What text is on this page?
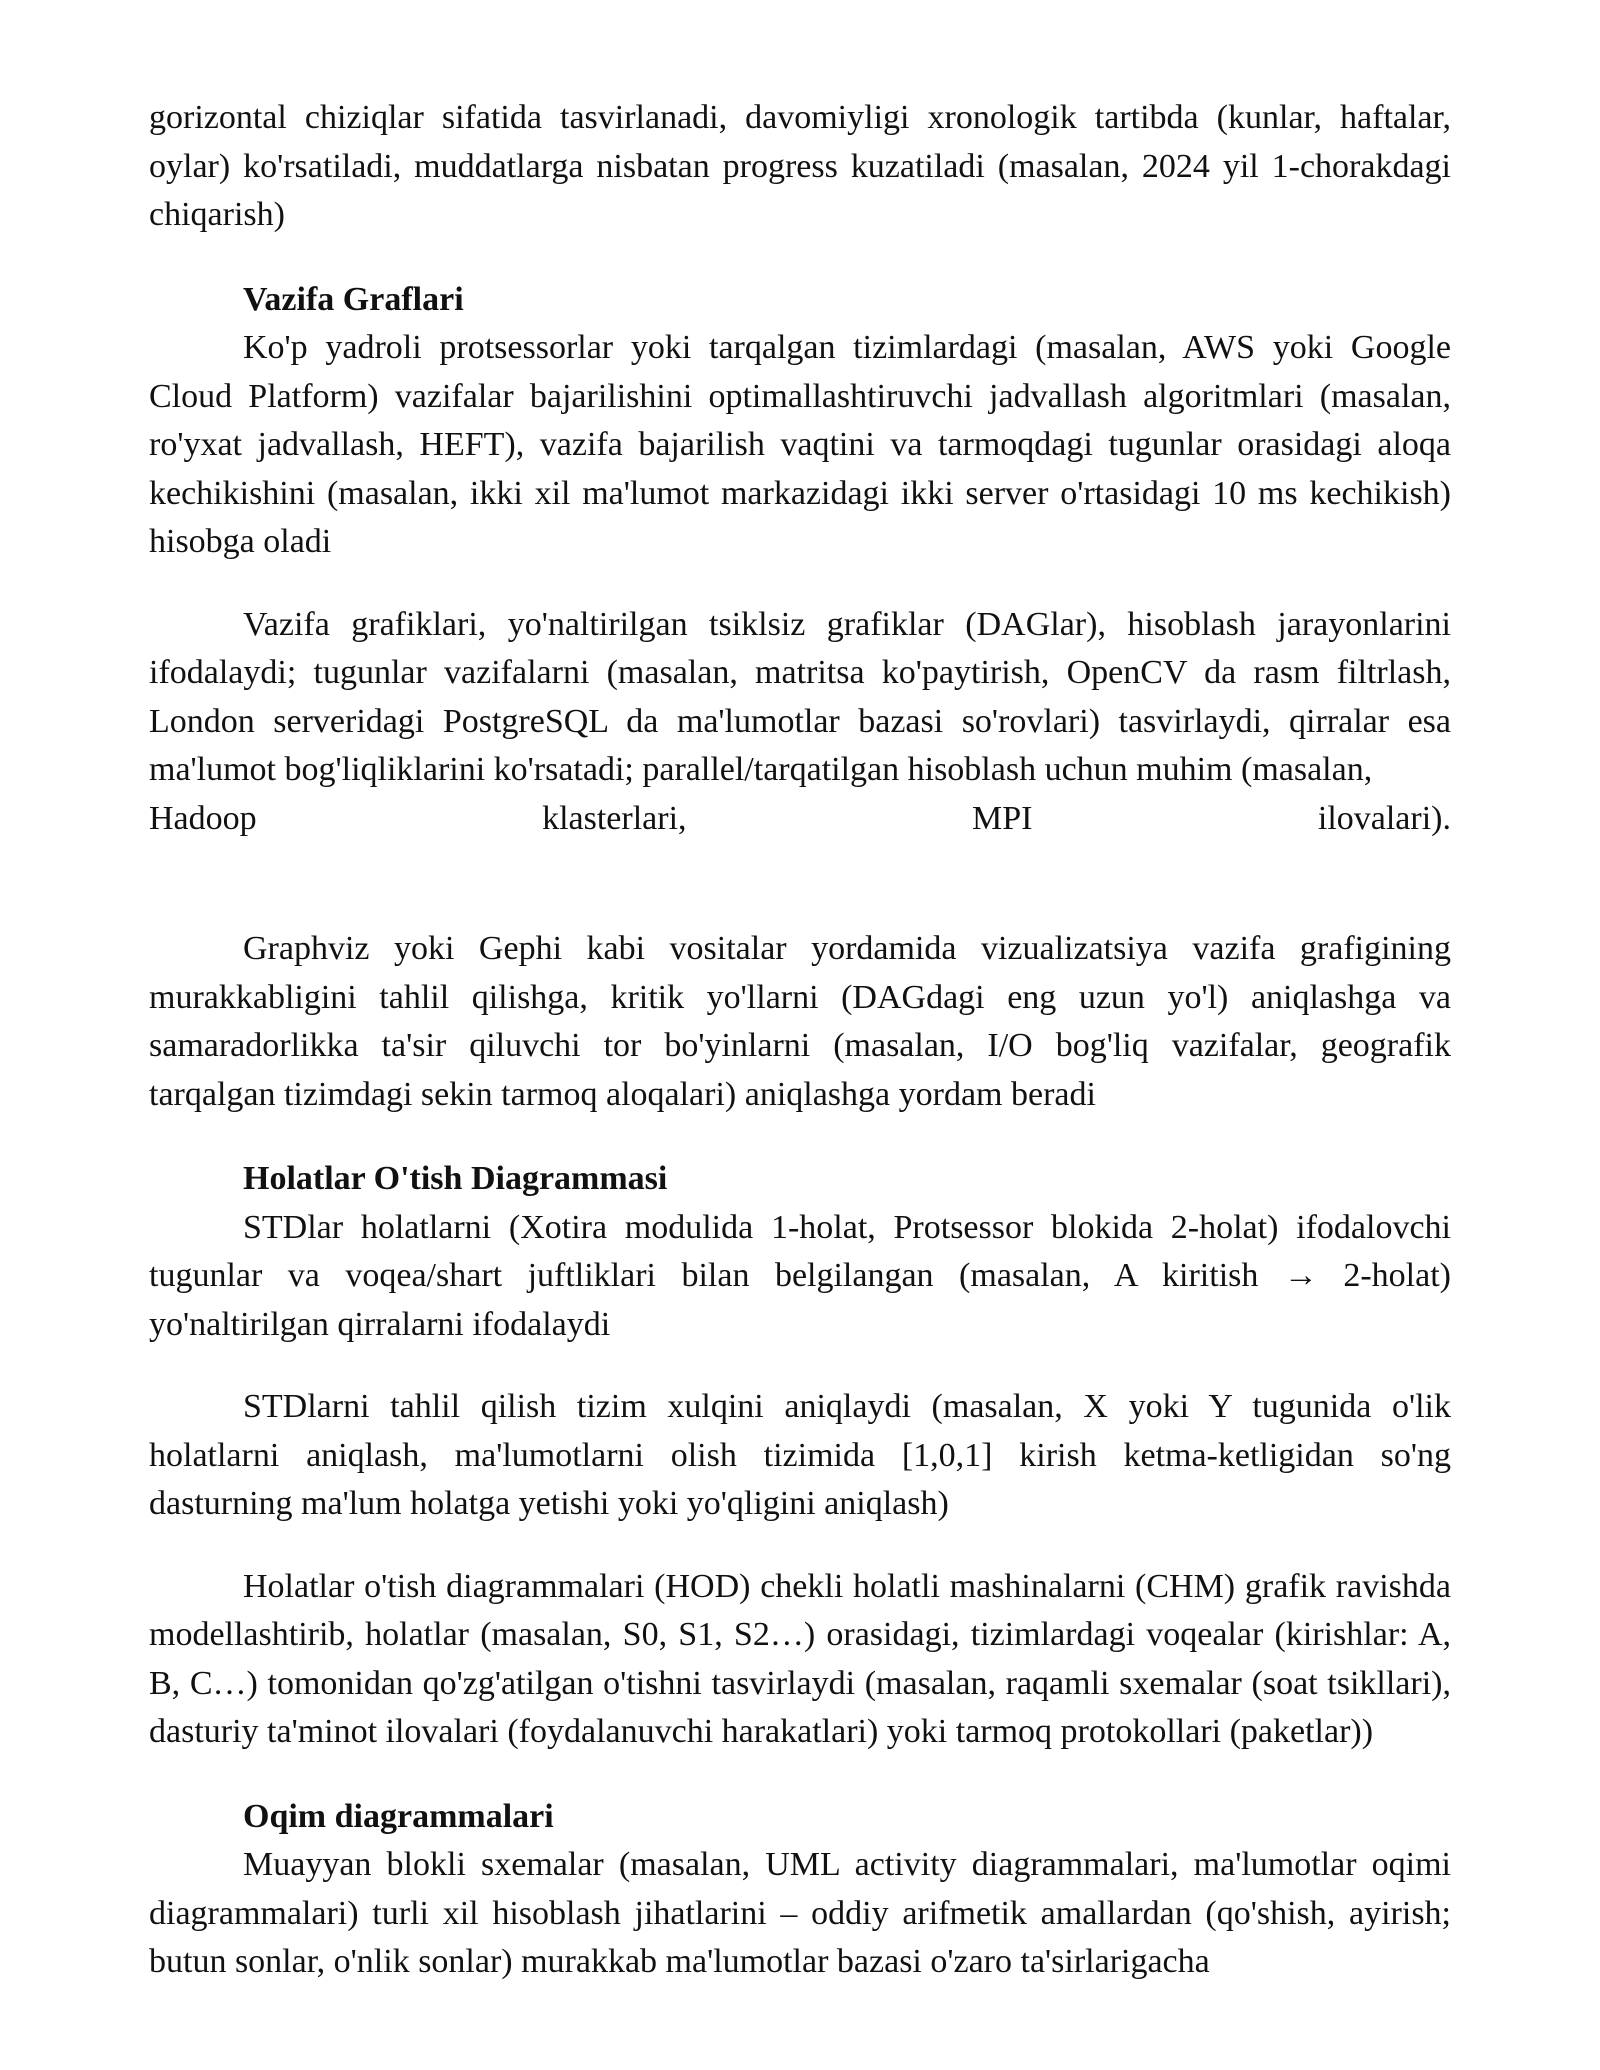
gorizontal chiziqlar sifatida tasvirlanadi, davomiyligi xronologik tartibda (kunlar, haftalar, oylar) ko'rsatiladi, muddatlarga nisbatan progress kuzatiladi (masalan, 2024 yil 1-chorakdagi chiqarish)

Vazifa Graflari

Ko'p yadroli protsessorlar yoki tarqalgan tizimlardagi (masalan, AWS yoki Google Cloud Platform) vazifalar bajarilishini optimallashtiruvchi jadvallash algoritmlari (masalan, ro'yxat jadvallash, HEFT), vazifa bajarilish vaqtini va tarmoqdagi tugunlar orasidagi aloqa kechikishini (masalan, ikki xil ma'lumot markazidagi ikki server o'rtasidagi 10 ms kechikish) hisobga oladi

Vazifa grafiklari, yo'naltirilgan tsiklsiz grafiklar (DAGlar), hisoblash jarayonlarini ifodalaydi; tugunlar vazifalarni (masalan, matritsa ko'paytirish, OpenCV da rasm filtrlash, London serveridagi PostgreSQL da ma'lumotlar bazasi so'rovlari) tasvirlaydi, qirralar esa ma'lumot bog'liqliklarini ko'rsatadi; parallel/tarqatilgan hisoblash uchun muhim (masalan,

Hadoop	klasterlari,	MPI	ilovalari).

Graphviz yoki Gephi kabi vositalar yordamida vizualizatsiya vazifa grafigining murakkabligini tahlil qilishga, kritik yo'llarni (DAGdagi eng uzun yo'l) aniqlashga va samaradorlikka ta'sir qiluvchi tor bo'yinlarni (masalan, I/O bog'liq vazifalar, geografik tarqalgan tizimdagi sekin tarmoq aloqalari) aniqlashga yordam beradi

Holatlar O'tish Diagrammasi

STDlar holatlarni (Xotira modulida 1-holat, Protsessor blokida 2-holat) ifodalovchi tugunlar va voqea/shart juftliklari bilan belgilangan (masalan, A kiritish → 2-holat) yo'naltirilgan qirralarni ifodalaydi

STDlarni tahlil qilish tizim xulqini aniqlaydi (masalan, X yoki Y tugunida o'lik holatlarni aniqlash, ma'lumotlarni olish tizimida [1,0,1] kirish ketma-ketligidan so'ng dasturning ma'lum holatga yetishi yoki yo'qligini aniqlash)

Holatlar o'tish diagrammalari (HOD) chekli holatli mashinalarni (CHM) grafik ravishda modellashtirib, holatlar (masalan, S0, S1, S2…) orasidagi, tizimlardagi voqealar (kirishlar: A, B, C…) tomonidan qo'zg'atilgan o'tishni tasvirlaydi (masalan, raqamli sxemalar (soat tsikllari), dasturiy ta'minot ilovalari (foydalanuvchi harakatlari) yoki tarmoq protokollari (paketlar))

Oqim diagrammalari

Muayyan blokli sxemalar (masalan, UML activity diagrammalari, ma'lumotlar oqimi diagrammalari) turli xil hisoblash jihatlarini – oddiy arifmetik amallardan (qo'shish, ayirish; butun sonlar, o'nlik sonlar) murakkab ma'lumotlar bazasi o'zaro ta'sirlarigacha
